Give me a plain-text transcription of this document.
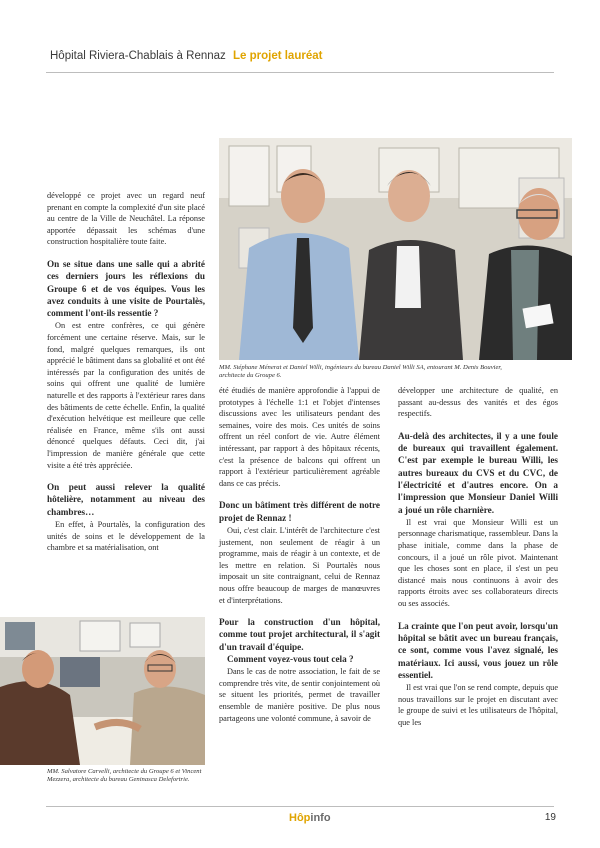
Hôpital Riviera-Chablais à Rennaz Le projet lauréat
MM. Stéphane Ménerat et Daniel Willi, ingénieurs du bureau Daniel Willi SA, entourant M. Denis Bouvier, architecte du Groupe 6.

développé ce projet avec un regard neuf prenant en compte la complexité d'un site placé au centre de la Ville de Neuchâtel. La réponse apportée dépassait les schémas d'une construction hospitalière toute faite.

On se situe dans une salle qui a abrité ces derniers jours les réflexions du Groupe 6 et de vos équipes. Vous les avez conduits à une visite de Pourtalès, comment l'ont-ils ressentie ?

On est entre confrères, ce qui génère forcément une certaine réserve. Mais, sur le fond, malgré quelques remarques, ils ont apprécié le bâtiment dans sa globalité et ont été intéressés par la configuration des unités de soins qui offrent une qualité de lumière naturelle et des rapports à l'extérieur rares dans des bâtiments de cette échelle. Enfin, la qualité d'exécution helvétique est meilleure que celle réalisée en France, même s'ils ont aussi dénoncé quelques défauts. Ceci dit, j'ai l'impression de manière générale que cette visite a été très appréciée.

On peut aussi relever la qualité hôtelière, notamment au niveau des chambres…

En effet, à Pourtalès, la configuration des unités de soins et le développement de la chambre et sa matérialisation, ont

MM. Salvatore Carvelli, architecte du Groupe 6 et Vincent Mezzera, architecte du bureau Geninasca Delefortrie.

été étudiés de manière approfondie à l'appui de prototypes à l'échelle 1:1 et l'objet d'intenses discussions avec les utilisateurs pendant des semaines, voire des mois. Ces unités de soins offrent un réel confort de vie. Autre élément intéressant, par rapport à des hôpitaux récents, c'est la présence de balcons qui offrent un rapport à l'extérieur particulièrement agréable dans ce cas précis.

Donc un bâtiment très différent de notre projet de Rennaz !

Oui, c'est clair. L'intérêt de l'architecture c'est justement, non seulement de réagir à un programme, mais de réagir à un contexte, et de les mettre en relation. Si Pourtalès nous imposait un site contraignant, celui de Rennaz nous offre beaucoup de marges de manœuvres et d'interprétations.

Pour la construction d'un hôpital, comme tout projet architectural, il s'agit d'un travail d'équipe.

Comment voyez-vous tout cela ?

Dans le cas de notre association, le fait de se comprendre très vite, de sentir conjointement où se situent les priorités, permet de travailler ensemble de manière positive. De plus nous partageons une volonté commune, à savoir de

développer une architecture de qualité, en passant au-dessus des vanités et des égos respectifs.

Au-delà des architectes, il y a une foule de bureaux qui travaillent également. C'est par exemple le bureau Willi, les autres bureaux du CVS et du CVC, de l'électricité et d'autres encore. On a l'impression que Monsieur Daniel Willi a joué un rôle charnière.

Il est vrai que Monsieur Willi est un personnage charismatique, rassembleur. Dans la phase initiale, comme dans la phase de concours, il a joué un rôle pivot. Maintenant que les choses sont en place, il s'est un peu distancé mais nous continuons à avoir des rapports étroits avec ses collaborateurs directs ou ses associés.

La crainte que l'on peut avoir, lorsqu'un hôpital se bâtit avec un bureau français, ce sont, comme vous l'avez signalé, les matériaux. Ici aussi, vous jouez un rôle essentiel.

Il est vrai que l'on se rend compte, depuis que nous travaillons sur le projet en discutant avec le groupe de suivi et les utilisateurs de l'hôpital, que les

Hôpinfo	19
